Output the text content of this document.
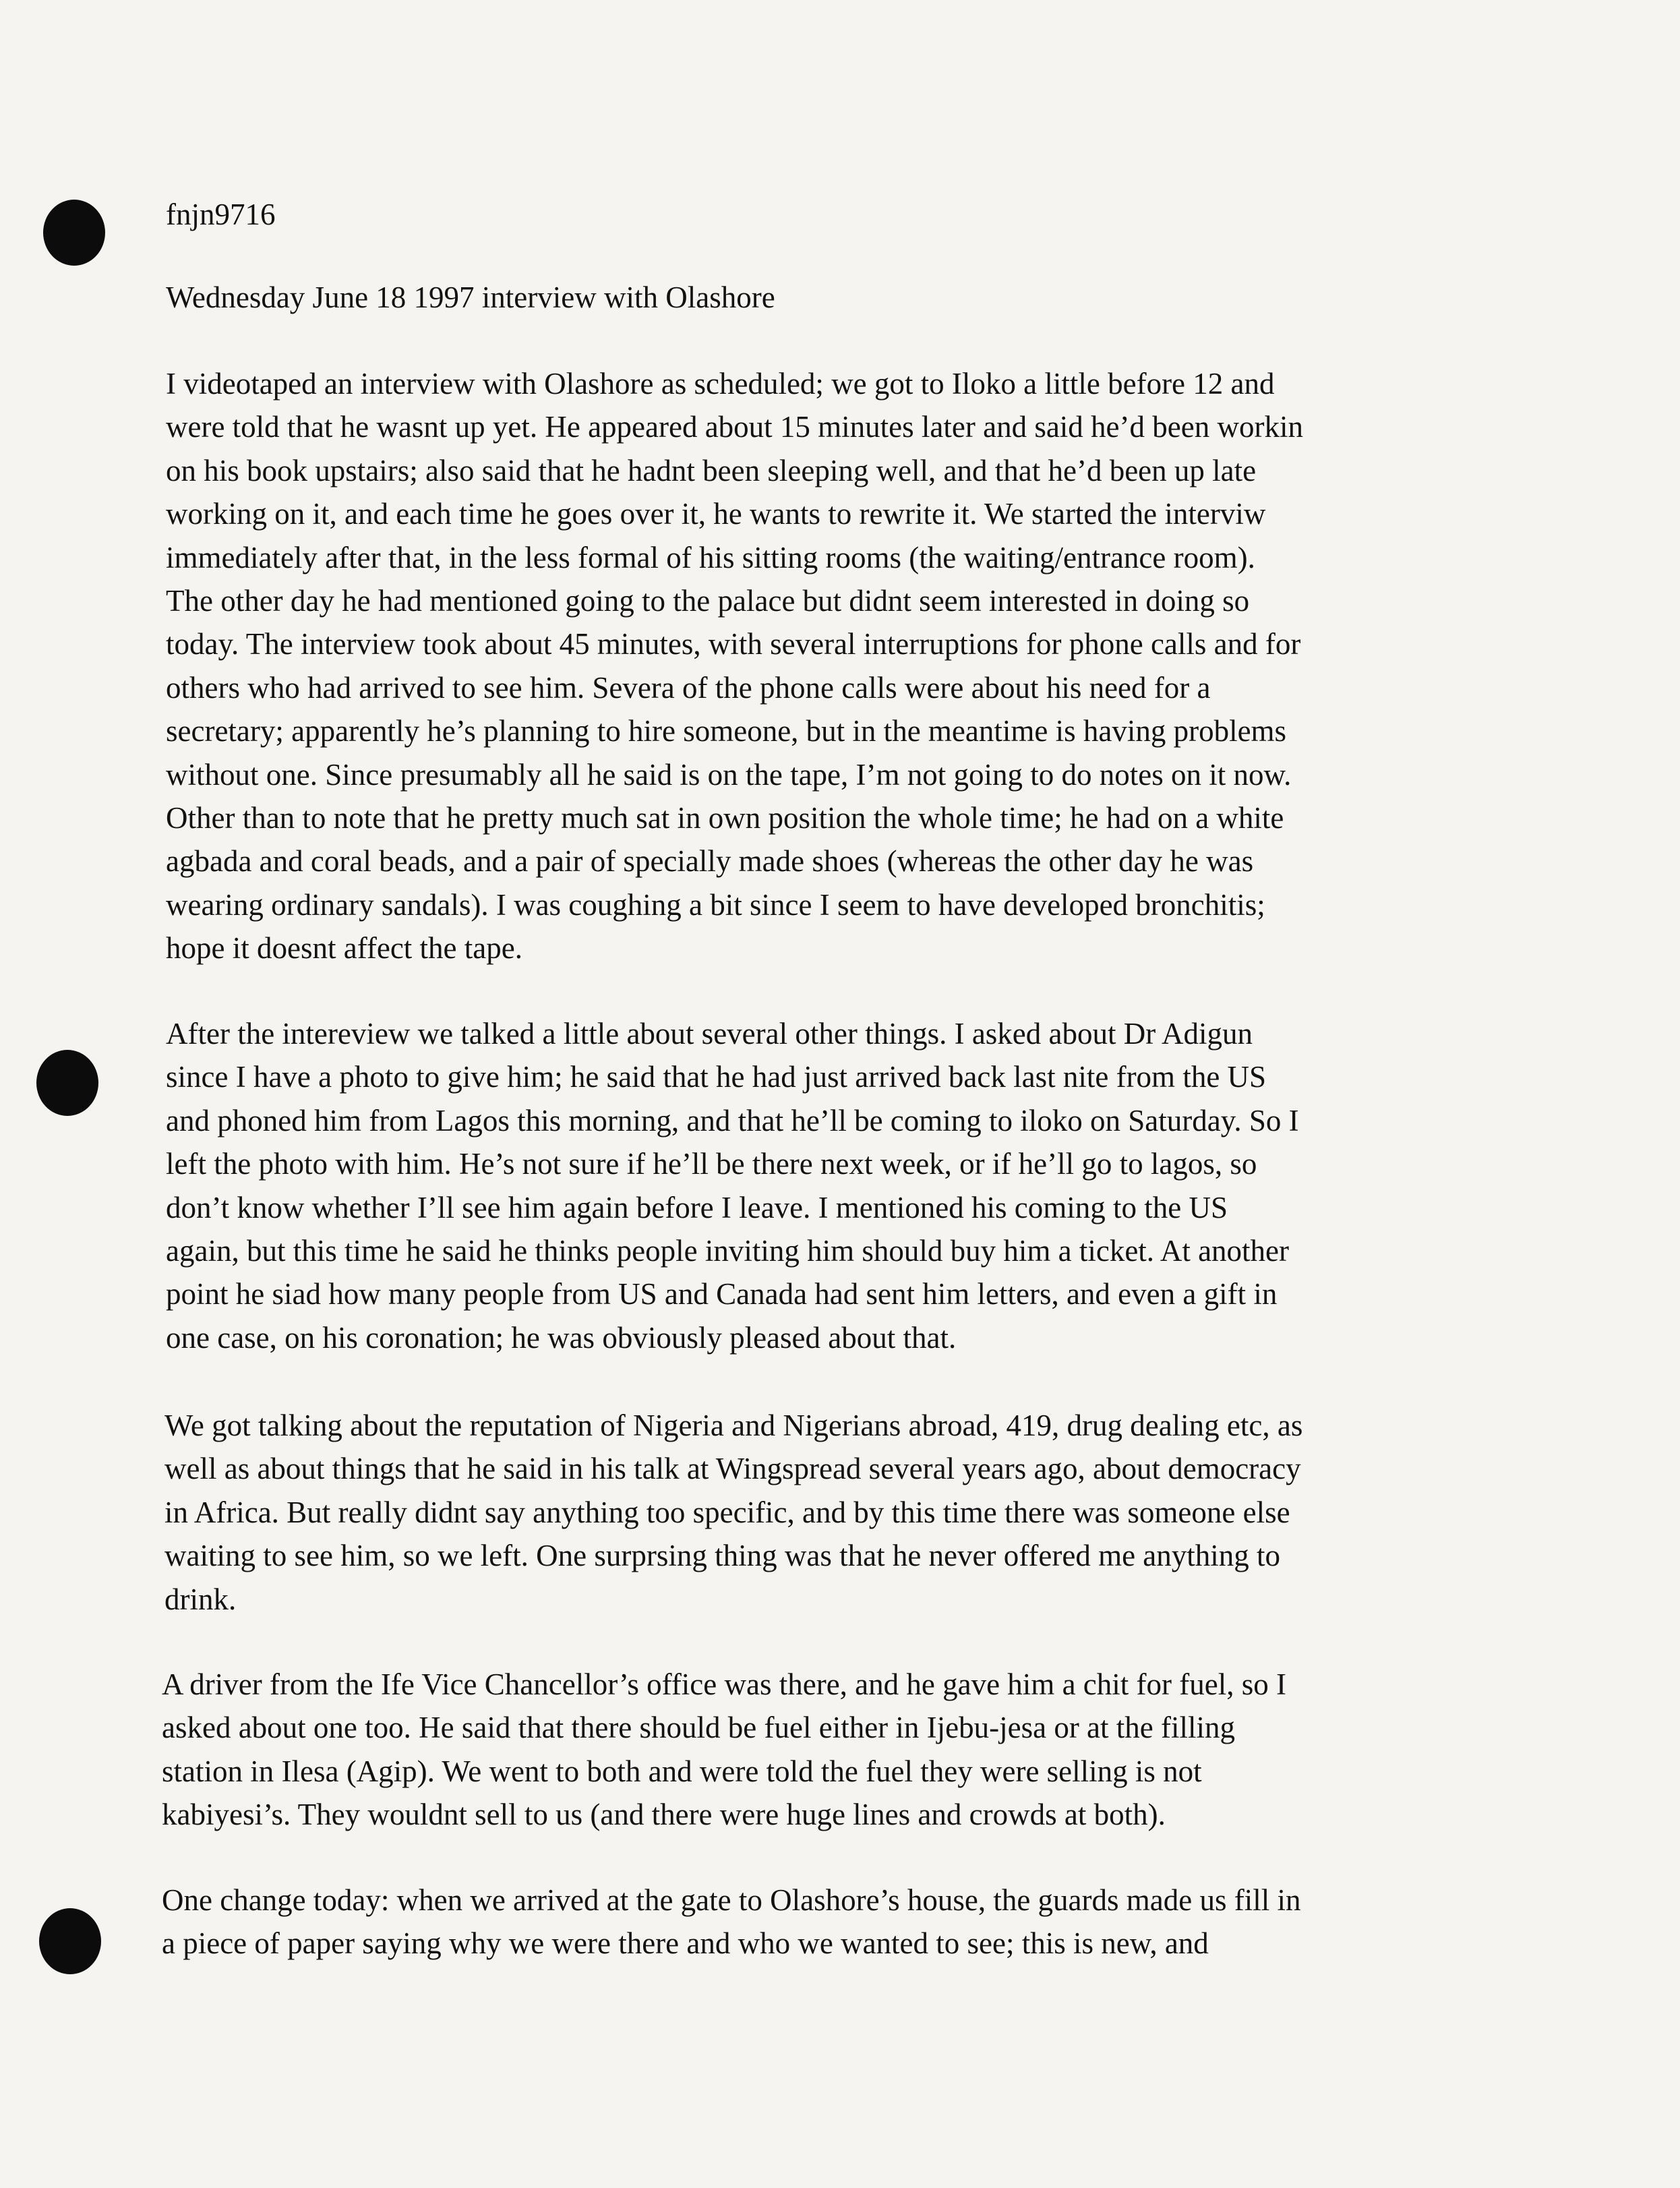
fnjn9716
Wednesday June 18 1997 interview with Olashore
I videotaped an interview with Olashore as scheduled; we got to Iloko a little before 12 and
were told that he wasnt up yet. He appeared about 15 minutes later and said he’d been workin
on his book upstairs; also said that he hadnt been sleeping well, and that he’d been up late
working on it, and each time he goes over it, he wants to rewrite it. We started the interviw
immediately after that, in the less formal of his sitting rooms (the waiting/entrance room).
The other day he had mentioned going to the palace but didnt seem interested in doing so
today. The interview took about 45 minutes, with several interruptions for phone calls and for
others who had arrived to see him. Severa of the phone calls were about his need for a
secretary; apparently he’s planning to hire someone, but in the meantime is having problems
without one. Since presumably all he said is on the tape, I’m not going to do notes on it now.
Other than to note that he pretty much sat in own position the whole time; he had on a white
agbada and coral beads, and a pair of specially made shoes (whereas the other day he was
wearing ordinary sandals). I was coughing a bit since I seem to have developed bronchitis;
hope it doesnt affect the tape.
After the intereview we talked a little about several other things. I asked about Dr Adigun
since I have a photo to give him; he said that he had just arrived back last nite from the US
and phoned him from Lagos this morning, and that he’ll be coming to iloko on Saturday. So I
left the photo with him. He’s not sure if he’ll be there next week, or if he’ll go to lagos, so
don’t know whether I’ll see him again before I leave. I mentioned his coming to the US
again, but this time he said he thinks people inviting him should buy him a ticket. At another
point he siad how many people from US and Canada had sent him letters, and even a gift in
one case, on his coronation; he was obviously pleased about that.
We got talking about the reputation of Nigeria and Nigerians abroad, 419, drug dealing etc, as
well as about things that he said in his talk at Wingspread several years ago, about democracy
in Africa. But really didnt say anything too specific, and by this time there was someone else
waiting to see him, so we left. One surprsing thing was that he never offered me anything to
drink.
A driver from the Ife Vice Chancellor’s office was there, and he gave him a chit for fuel, so I
asked about one too. He said that there should be fuel either in Ijebu-jesa or at the filling
station in Ilesa (Agip). We went to both and were told the fuel they were selling is not
kabiyesi’s. They wouldnt sell to us (and there were huge lines and crowds at both).
One change today: when we arrived at the gate to Olashore’s house, the guards made us fill in
a piece of paper saying why we were there and who we wanted to see; this is new, and
